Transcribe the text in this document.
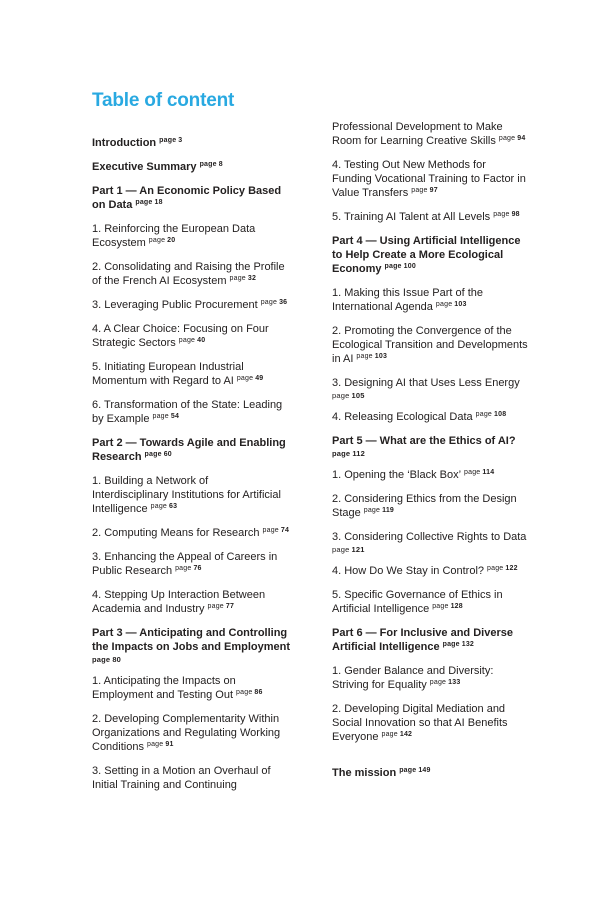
Table of content
Introduction $^{page 3}$
Executive Summary $^{page 8}$
Part 1 — An Economic Policy Based
on Data $^{page 18}$
1. Reinforcing the European Data
Ecosystem $^{page 20}$
2. Consolidating and Raising the Profile
of the French AI Ecosystem $^{page 32}$
3. Leveraging Public Procurement $^{page 36}$
4. A Clear Choice: Focusing on Four
Strategic Sectors $^{page 40}$
5. Initiating European Industrial
Momentum with Regard to AI $^{page 49}$
6. Transformation of the State: Leading
by Example $^{page 54}$
Part 2 — Towards Agile and Enabling
Research $^{page 60}$
1. Building a Network of
Interdisciplinary Institutions for Artificial
Intelligence $^{page 63}$
2. Computing Means for Research $^{page 74}$
3. Enhancing the Appeal of Careers in
Public Research $^{page 76}$
4. Stepping Up Interaction Between
Academia and Industry $^{page 77}$
Part 3 — Anticipating and Controlling
the Impacts on Jobs and Employment
page 80
1. Anticipating the Impacts on
Employment and Testing Out $^{page 86}$
2. Developing Complementarity Within
Organizations and Regulating Working
Conditions $^{page 91}$
3. Setting in a Motion an Overhaul of
Initial Training and Continuing
Professional Development to Make
Room for Learning Creative Skills $^{page 94}$
4. Testing Out New Methods for
Funding Vocational Training to Factor in
Value Transfers $^{page 97}$
5. Training AI Talent at All Levels $^{page 98}$
Part 4 — Using Artificial Intelligence
to Help Create a More Ecological
Economy $^{page 100}$
1. Making this Issue Part of the
International Agenda $^{page 103}$
2. Promoting the Convergence of the
Ecological Transition and Developments
in AI $^{page 103}$
3. Designing AI that Uses Less Energy
page 105
4. Releasing Ecological Data $^{page 108}$
Part 5 — What are the Ethics of AI?
page 112
1. Opening the ‘Black Box’ $^{page 114}$
2. Considering Ethics from the Design
Stage $^{page 119}$
3. Considering Collective Rights to Data
page 121
4. How Do We Stay in Control? $^{page 122}$
5. Specific Governance of Ethics in
Artificial Intelligence $^{page 128}$
Part 6 — For Inclusive and Diverse
Artificial Intelligence $^{page 132}$
1. Gender Balance and Diversity:
Striving for Equality $^{page 133}$
2. Developing Digital Mediation and
Social Innovation so that AI Benefits
Everyone $^{page 142}$
The mission $^{page 149}$
